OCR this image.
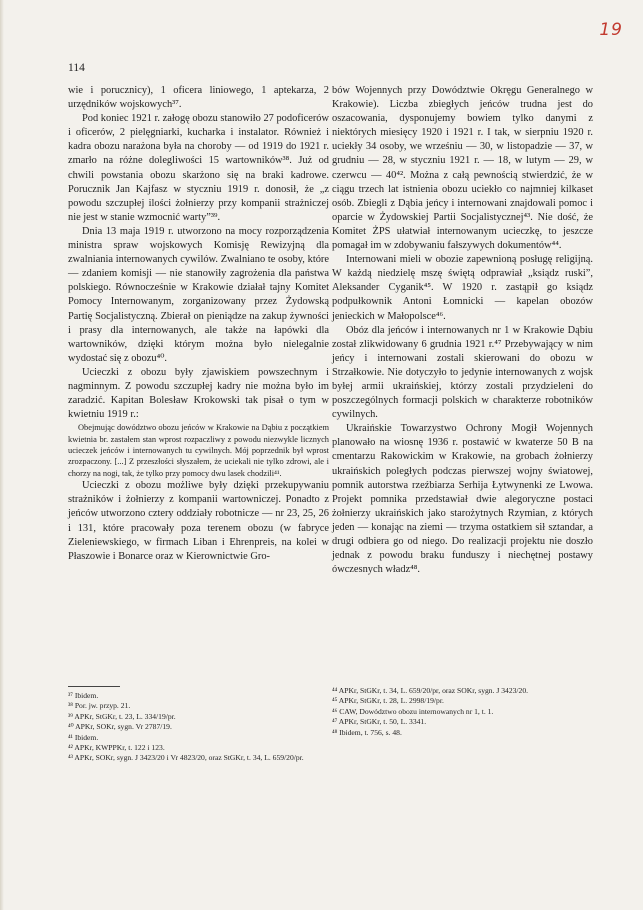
19
114

wie i porucznicy), 1 oficera liniowego, 1 aptekarza, 2 urzędników wojskowych³⁷.

Pod koniec 1921 r. załogę obozu stanowiło 27 podoficerów i oficerów, 2 pielęgniarki, kucharka i instalator. Również i kadra obozu narażona była na choroby — od 1919 do 1921 r. zmarło na różne dolegliwości 15 wartowników³⁸. Już od chwili powstania obozu skarżono się na braki kadrowe. Porucznik Jan Kajfasz w styczniu 1919 r. donosił, że „z powodu szczupłej ilości żołnierzy przy kompanii strażniczej nie jest w stanie wzmocnić warty”³⁹.

Dnia 13 maja 1919 r. utworzono na mocy rozporządzenia ministra spraw wojskowych Komisję Rewizyjną dla zwalniania internowanych cywilów. Zwalniano te osoby, które — zdaniem komisji — nie stanowiły zagrożenia dla państwa polskiego. Równocześnie w Krakowie działał tajny Komitet Pomocy Internowanym, zorganizowany przez Żydowską Partię Socjalistyczną. Zbierał on pieniądze na zakup żywności i prasy dla internowanych, ale także na łapówki dla wartowników, dzięki którym można było nielegalnie wydostać się z obozu⁴⁰.

Ucieczki z obozu były zjawiskiem powszechnym i nagminnym. Z powodu szczupłej kadry nie można było im zaradzić. Kapitan Bolesław Krokowski tak pisał o tym w kwietniu 1919 r.:

Obejmując dowództwo obozu jeńców w Krakowie na Dąbiu z początkiem kwietnia br. zastałem stan wprost rozpaczliwy z powodu niezwykle licznych ucieczek jeńców i internowanych tu cywilnych. Mój poprzednik był wprost zrozpaczony. [...] Z przeszłości słyszałem, że uciekali nie tylko zdrowi, ale i chorzy na nogi, tak, że tylko przy pomocy dwu lasek chodzili⁴¹.

Ucieczki z obozu możliwe były dzięki przekupywaniu strażników i żołnierzy z kompanii wartowniczej. Ponadto z jeńców utworzono cztery oddziały robotnicze — nr 23, 25, 26 i 131, które pracowały poza terenem obozu (w fabryce Zieleniewskiego, w firmach Liban i Ehrenpreis, na kolei w Płaszowie i Bonarce oraz w Kierownictwie Gro-

bów Wojennych przy Dowództwie Okręgu Generalnego w Krakowie). Liczba zbiegłych jeńców trudna jest do oszacowania, dysponujemy bowiem tylko danymi z niektórych miesięcy 1920 i 1921 r. I tak, w sierpniu 1920 r. uciekły 34 osoby, we wrześniu — 30, w listopadzie — 37, w grudniu — 28, w styczniu 1921 r. — 18, w lutym — 29, w czerwcu — 40⁴². Można z całą pewnością stwierdzić, że w ciągu trzech lat istnienia obozu uciekło co najmniej kilkaset osób. Zbiegli z Dąbia jeńcy i internowani znajdowali pomoc i oparcie w Żydowskiej Partii Socjalistycznej⁴³. Nie dość, że Komitet ŻPS ułatwiał internowanym ucieczkę, to jeszcze pomagał im w zdobywaniu fałszywych dokumentów⁴⁴.

Internowani mieli w obozie zapewnioną posługę religijną. W każdą niedzielę mszę świętą odprawiał „ksiądz ruski”, Aleksander Cyganik⁴⁵. W 1920 r. zastąpił go ksiądz podpułkownik Antoni Łomnicki — kapelan obozów jenieckich w Małopolsce⁴⁶.

Obóz dla jeńców i internowanych nr 1 w Krakowie Dąbiu został zlikwidowany 6 grudnia 1921 r.⁴⁷ Przebywający w nim jeńcy i internowani zostali skierowani do obozu w Strzałkowie. Nie dotyczyło to jedynie internowanych z wojsk byłej armii ukraińskiej, którzy zostali przydzieleni do poszczególnych formacji polskich w charakterze robotników cywilnych.

Ukraińskie Towarzystwo Ochrony Mogił Wojennych planowało na wiosnę 1936 r. postawić w kwaterze 50 B na cmentarzu Rakowickim w Krakowie, na grobach żołnierzy ukraińskich poległych podczas pierwszej wojny światowej, pomnik autorstwa rzeźbiarza Serhija Łytwynenki ze Lwowa. Projekt pomnika przedstawiał dwie alegoryczne postaci żołnierzy ukraińskich jako starożytnych Rzymian, z których jeden — konając na ziemi — trzyma ostatkiem sił sztandar, a drugi odbiera go od niego. Do realizacji projektu nie doszło jednak z powodu braku funduszy i niechętnej postawy ówczesnych władz⁴⁸.

³⁷ Ibidem.
³⁸ Por. jw. przyp. 21.
³⁹ APKr, StGKr, t. 23, L. 334/19/pr.
⁴⁰ APKr, SOKr, sygn. Vr 2787/19.
⁴¹ Ibidem.
⁴² APKr, KWPPKr, t. 122 i 123.
⁴³ APKr, SOKr, sygn. J 3423/20 i Vr 4823/20, oraz StGKr, t. 34, L. 659/20/pr.
⁴⁴ APKr, StGKr, t. 34, L. 659/20/pr, oraz SOKr, sygn. J 3423/20.
⁴⁵ APKr, StGKr, t. 28, L. 2998/19/pr.
⁴⁶ CAW, Dowództwo obozu internowanych nr 1, t. 1.
⁴⁷ APKr, StGKr, t. 50, L. 3341.
⁴⁸ Ibidem, t. 756, s. 48.
